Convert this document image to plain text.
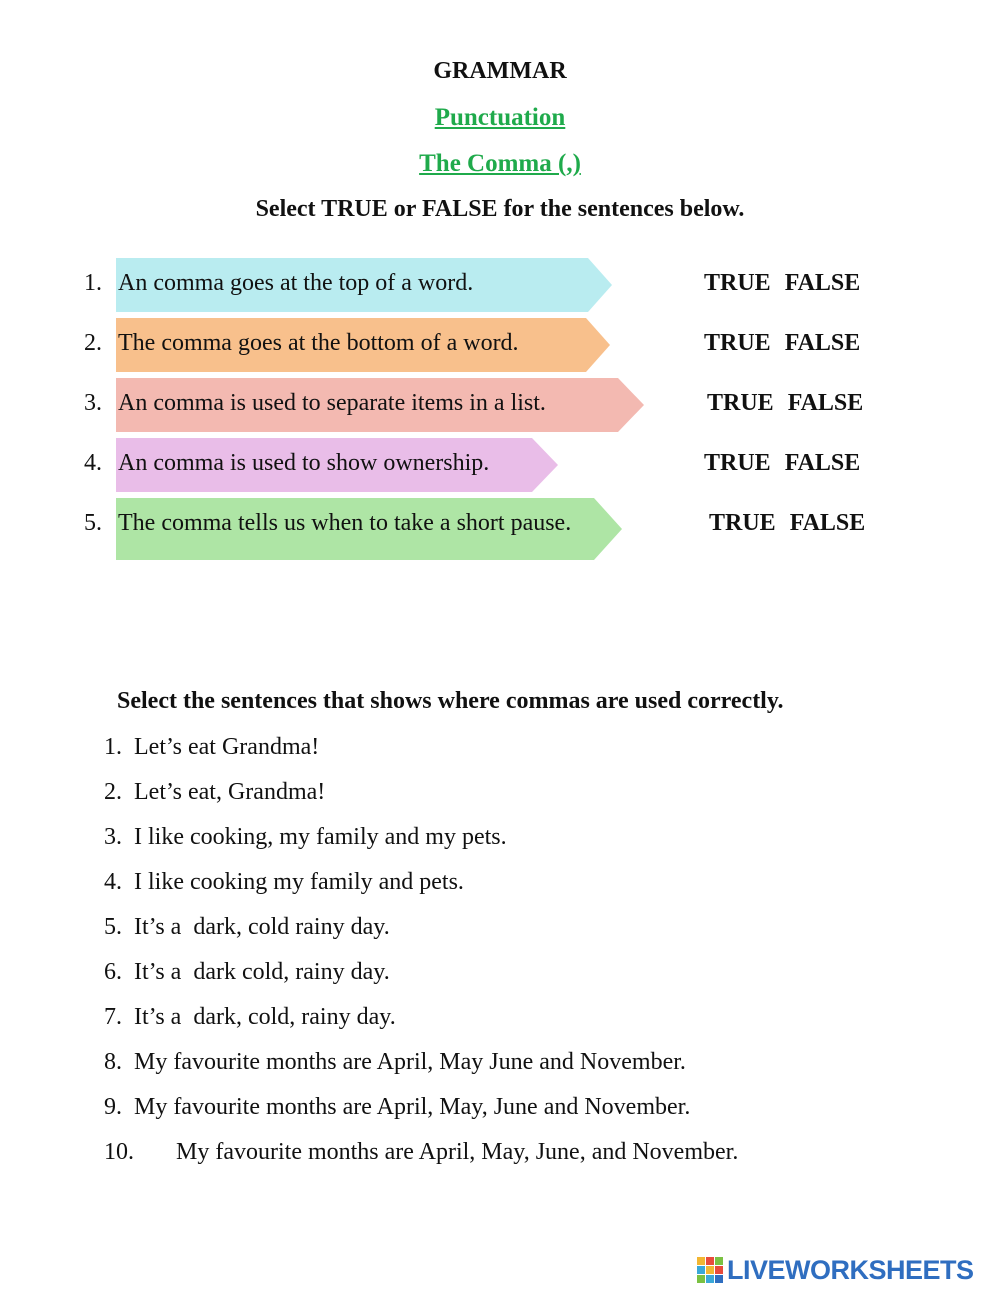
GRAMMAR
Punctuation
The Comma (,)
Select TRUE or FALSE for the sentences below.
1. An comma goes at the top of a word.	TRUE FALSE
2. The comma goes at the bottom of a word.	TRUE FALSE
3. An comma is used to separate items in a list.	TRUE FALSE
4. An comma is used to show ownership.	TRUE FALSE
5. The comma tells us when to take a short pause.	TRUE FALSE
Select the sentences that shows where commas are used correctly.
1. Let’s eat Grandma!
2. Let’s eat, Grandma!
3. I like cooking, my family and my pets.
4. I like cooking my family and pets.
5. It’s a  dark, cold rainy day.
6. It’s a  dark cold, rainy day.
7. It’s a  dark, cold, rainy day.
8. My favourite months are April, May June and November.
9. My favourite months are April, May, June and November.
10. My favourite months are April, May, June, and November.
LIVEWORKSHEETS
